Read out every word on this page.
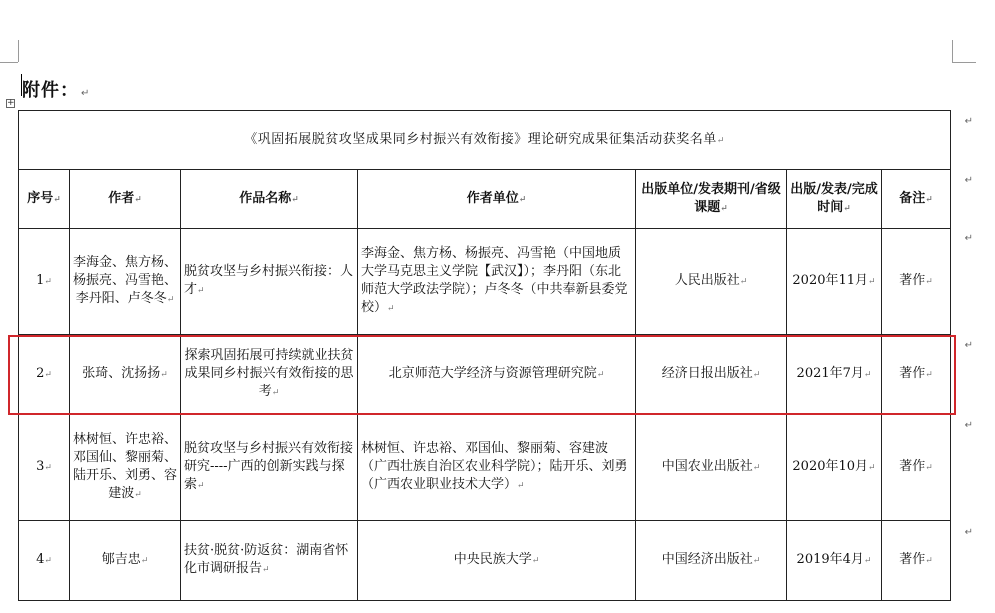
附件： ↵
+
《巩固拓展脱贫攻坚成果同乡村振兴有效衔接》理论研究成果征集活动获奖名单↵						
序号↵	作者↵	作品名称↵	作者单位↵	出版单位/发表期刊/省级课题↵	出版/发表/完成时间↵	备注↵
1↵	李海金、焦方杨、杨振亮、冯雪艳、李丹阳、卢冬冬↵	脱贫攻坚与乡村振兴衔接：人才↵	李海金、焦方杨、杨振亮、冯雪艳（中国地质大学马克思主义学院【武汉】）；李丹阳（东北师范大学政法学院）；卢冬冬（中共奉新县委党校）↵	人民出版社↵	2020年11月↵	著作↵
2↵	张琦、沈扬扬↵	探索巩固拓展可持续就业扶贫成果同乡村振兴有效衔接的思考↵	北京师范大学经济与资源管理研究院↵	经济日报出版社↵	2021年7月↵	著作↵
3↵	林树恒、许忠裕、邓国仙、黎丽菊、陆开乐、刘勇、容建波↵	脱贫攻坚与乡村振兴有效衔接研究----广西的创新实践与探索↵	林树恒、许忠裕、邓国仙、黎丽菊、容建波（广西壮族自治区农业科学院）；陆开乐、刘勇（广西农业职业技术大学）↵	中国农业出版社↵	2020年10月↵	著作↵
4↵	郇吉忠↵	扶贫·脱贫·防返贫：湖南省怀化市调研报告↵	中央民族大学↵	中国经济出版社↵	2019年4月↵	著作↵
↵
↵
↵
↵
↵
↵
